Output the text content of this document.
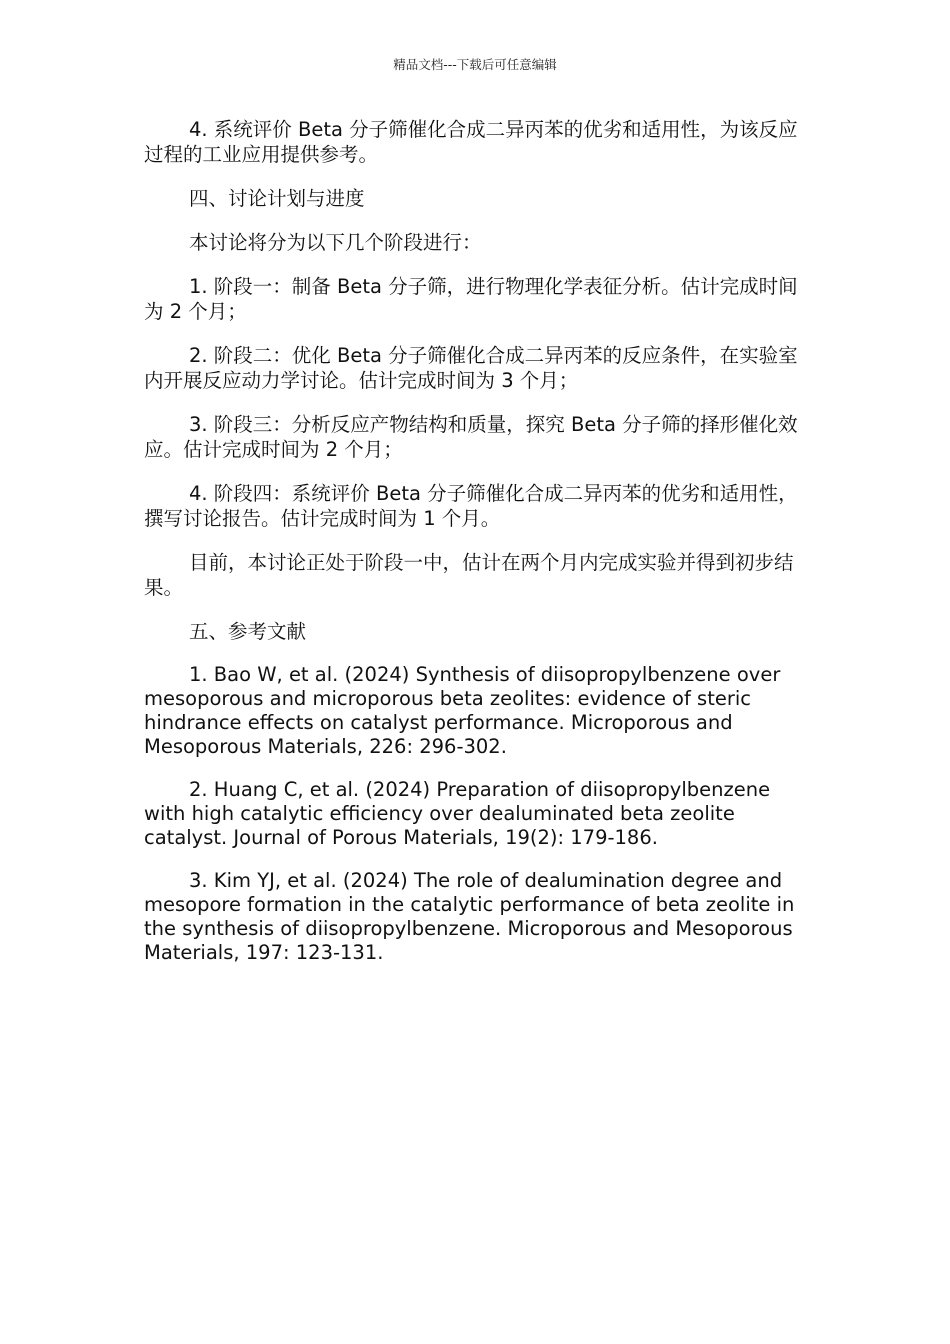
精品文档---下载后可任意编辑

4. 系统评价 Beta 分子筛催化合成二异丙苯的优劣和适用性，为该反应过程的工业应用提供参考。

四、讨论计划与进度

本讨论将分为以下几个阶段进行：

1. 阶段一：制备 Beta 分子筛，进行物理化学表征分析。估计完成时间为 2 个月；

2. 阶段二：优化 Beta 分子筛催化合成二异丙苯的反应条件，在实验室内开展反应动力学讨论。估计完成时间为 3 个月；

3. 阶段三：分析反应产物结构和质量，探究 Beta 分子筛的择形催化效应。估计完成时间为 2 个月；

4. 阶段四：系统评价 Beta 分子筛催化合成二异丙苯的优劣和适用性，撰写讨论报告。估计完成时间为 1 个月。

目前，本讨论正处于阶段一中，估计在两个月内完成实验并得到初步结果。

五、参考文献

1. Bao W, et al. (2024) Synthesis of diisopropylbenzene over mesoporous and microporous beta zeolites: evidence of steric hindrance effects on catalyst performance. Microporous and Mesoporous Materials, 226: 296-302.

2. Huang C, et al. (2024) Preparation of diisopropylbenzene with high catalytic efficiency over dealuminated beta zeolite catalyst. Journal of Porous Materials, 19(2): 179-186.

3. Kim YJ, et al. (2024) The role of dealumination degree and mesopore formation in the catalytic performance of beta zeolite in the synthesis of diisopropylbenzene. Microporous and Mesoporous Materials, 197: 123-131.
